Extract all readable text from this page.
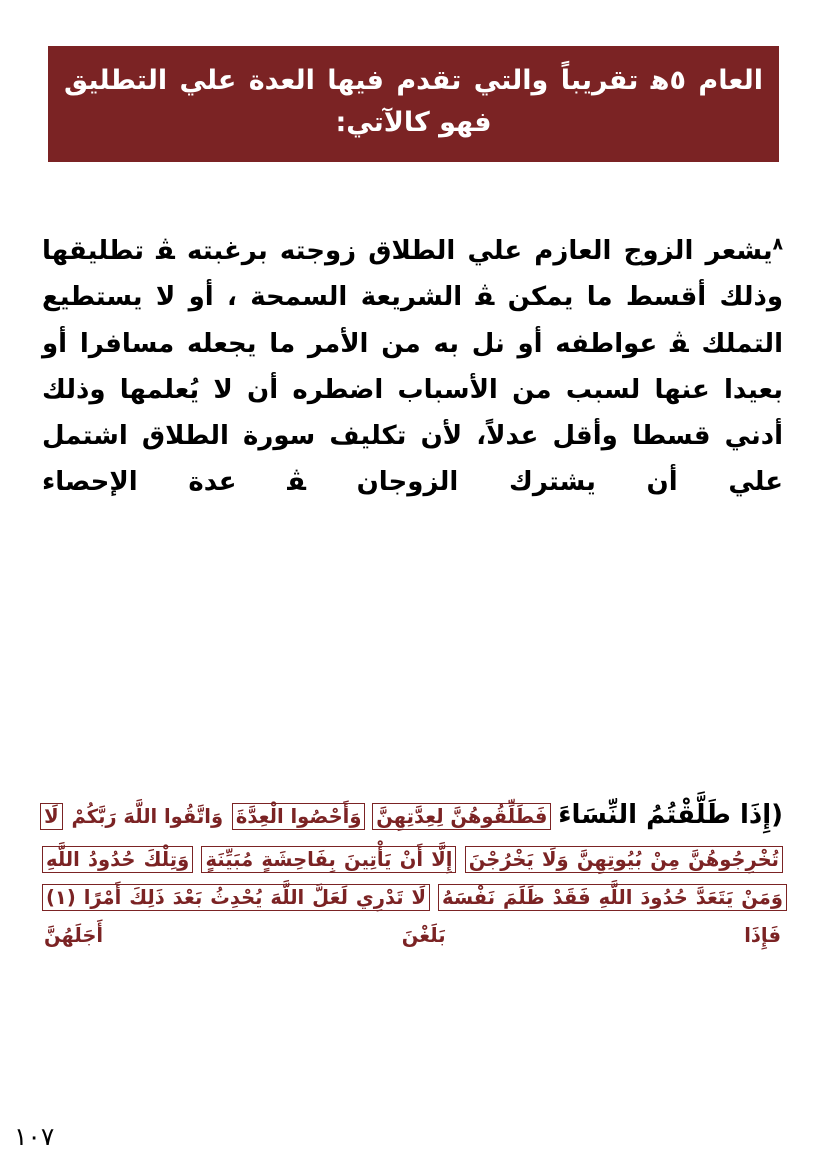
العام ٥ﻫ تقريباً والتي تقدم فيها العدة علي التطليق فهو كالآتي:
$^٨$يشعر الزوج العازم علي الطلاق زوجته برغبته ﭭ تطليقها وذلك أقسط ما يمكن ﭭ الشريعة السمحة ، أو لا يستطيع التملك ﭭ عواطفه أو نل به من الأمر ما يجعله مسافرا أو بعيدا عنها لسبب من الأسباب اضطره أن لا يُعلمها وذلك أدني قسطا وأقل عدلاً، لأن تكليف سورة الطلاق اشتمل علي أن يشترك الزوجان ﭭ عدة الإحصاء
(إِذَا طَلَّقْتُمُ النِّسَاءَ فَطَلِّقُوهُنَّ لِعِدَّتِهِنَّ وَأَحْصُوا الْعِدَّةَ وَاتَّقُوا اللَّهَ رَبَّكُمْ لَا تُخْرِجُوهُنَّ مِنْ بُيُوتِهِنَّ وَلَا يَخْرُجْنَ إِلَّا أَنْ يَأْتِينَ بِفَاحِشَةٍ مُبَيِّنَةٍ وَتِلْكَ حُدُودُ اللَّهِ وَمَنْ يَتَعَدَّ حُدُودَ اللَّهِ فَقَدْ ظَلَمَ نَفْسَهُ لَا تَدْرِي لَعَلَّ اللَّهَ يُحْدِثُ بَعْدَ ذَلِكَ أَمْرًا (١) فَإِذَا بَلَغْنَ أَجَلَهُنَّ
١٠٧
